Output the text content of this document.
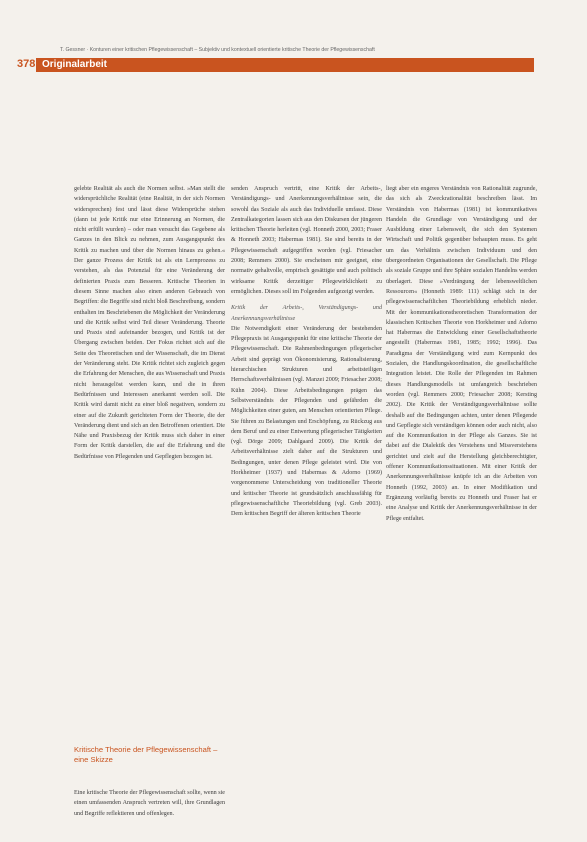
T. Gessner · Konturen einer kritischen Pflegewissenschaft – Subjektiv und kontextuell orientierte kritische Theorie der Pflegewissenschaft
378 Originalarbeit

gelebte Realität als auch die Normen selbst. »Man stellt die widersprüchliche Realität (eine Realität, in der sich Normen widersprechen) fest und lässt diese Widersprüche stehen (dann ist jede Kritik nur eine Erinnerung an Normen, die nicht erfüllt wurden) – oder man versucht das Gegebene als Ganzes in den Blick zu nehmen, zum Ausgangspunkt des Kritik zu machen und über die Normen hinaus zu gehen.« Der ganze Prozess der Kritik ist als ein Lernprozess zu verstehen, als das Potenzial für eine Veränderung der definierten Praxis zum Besseren. Kritische Theorien in diesem Sinne machen also einen anderen Gebrauch von Begriffen: die Begriffe sind nicht bloß Beschreibung, sondern enthalten im Beschriebenen die Möglichkeit der Veränderung und die Kritik selbst wird Teil dieser Veränderung. Theorie und Praxis sind aufeinander bezogen, und Kritik ist der Übergang zwischen beiden. Der Fokus richtet sich auf die Seite des Theoretischen und der Wissenschaft, die im Dienst der Veränderung steht. Die Kritik richtet sich zugleich gegen die Erfahrung der Menschen, die aus Wissenschaft und Praxis nicht herausgelöst werden kann, und die in ihren Bedürfnissen und Interessen anerkannt werden soll. Die Kritik wird damit nicht zu einer bloß negativen, sondern zu einer auf die Zukunft gerichteten Form der Theorie, die der Veränderung dient und sich an den Betroffenen orientiert. Die Nähe und Praxisbezug der Kritik muss sich daher in einer Form der Kritik darstellen, die auf die Erfahrung und die Bedürfnisse von Pflegenden und Gepflegten bezogen ist.

Kritische Theorie der Pflegewissenschaft – eine Skizze

Eine kritische Theorie der Pflegewissenschaft sollte, wenn sie einen umfassenden Anspruch vertreten will, ihre Grundlagen und Begriffe reflektieren und offenlegen.

senden Anspruch vertritt, eine Kritik der Arbeits-, Verständigungs- und Anerkennungsverhältnisse sein, die sowohl das Soziale als auch das Individuelle umfasst. Diese Zentralkategorien lassen sich aus den Diskursen der jüngeren kritischen Theorie herleiten (vgl. Honneth 2000, 2003; Fraser & Honneth 2003; Habermas 1981). Sie sind bereits in der Pflegewissenschaft aufgegriffen worden (vgl. Friesacher 2008; Remmers 2000). Sie erscheinen mir geeignet, eine normativ gehaltvolle, empirisch gesättigte und auch politisch wirksame Kritik derzeitiger Pflegewirklichkeit zu ermöglichen. Dieses soll im Folgenden aufgezeigt werden.

Kritik der Arbeits-, Verständigungs- und Anerkennungsverhältnisse

Die Notwendigkeit einer Veränderung der bestehenden Pflegepraxis ist Ausgangspunkt für eine kritische Theorie der Pflegewissenschaft. Die Rahmenbedingungen pflegerischer Arbeit sind geprägt von Ökonomisierung, Rationalisierung, hierarchischen Strukturen und arbeitsteiligen Herrschaftsverhältnissen (vgl. Manzei 2009; Friesacher 2008; Kühn 2004). Diese Arbeitsbedingungen prägen das Selbstverständnis der Pflegenden und gefährden die Möglichkeiten einer guten, am Menschen orientierten Pflege. Sie führen zu Belastungen und Erschöpfung, zu Rückzug aus dem Beruf und zu einer Entwertung pflegerischer Tätigkeiten (vgl. Dörge 2009; Dahlgaard 2009). Die Kritik der Arbeitsverhältnisse zielt daher auf die Strukturen und Bedingungen, unter denen Pflege geleistet wird. Die von Horkheimer (1937) und Habermas & Adorno (1969) vorgenommene Unterscheidung von traditioneller Theorie und kritischer Theorie ist grundsätzlich anschlussfähig für pflegewissenschaftliche Theoriebildung (vgl. Greb 2003). Dem kritischen Begriff der älteren kritischen Theorie

liegt aber ein engeres Verständnis von Rationalität zugrunde, das sich als Zweckrationalität beschreiben lässt. Im Verständnis von Habermas (1981) ist kommunikatives Handeln die Grundlage von Verständigung und der Ausbildung einer Lebenswelt, die sich den Systemen Wirtschaft und Politik gegenüber behaupten muss. Es geht um das Verhältnis zwischen Individuum und den übergeordneten Organisationen der Gesellschaft. Die Pflege als soziale Gruppe und ihre Sphäre sozialen Handelns werden überlagert. Diese »Verdrängung der lebensweltlichen Ressourcen« (Honneth 1989: 111) schlägt sich in der pflegewissenschaftlichen Theoriebildung erheblich nieder. Mit der kommunikationstheoretischen Transformation der klassischen Kritischen Theorie von Horkheimer und Adorno hat Habermas die Entwicklung einer Gesellschaftstheorie angestellt (Habermas 1981, 1985; 1992; 1996). Das Paradigma der Verständigung wird zum Kernpunkt des Sozialen, die Handlungskoordination, die gesellschaftliche Integration leistet. Die Rolle der Pflegenden im Rahmen dieses Handlungsmodells ist umfangreich beschrieben worden (vgl. Remmers 2000; Friesacher 2008; Kersting 2002). Die Kritik der Verständigungsverhältnisse sollte deshalb auf die Bedingungen achten, unter denen Pflegende und Gepflegte sich verständigen können oder auch nicht, also auf die Kommunikation in der Pflege als Ganzes. Sie ist dabei auf die Dialektik des Verstehens und Missverstehens gerichtet und zielt auf die Herstellung gleichberechtigter, offener Kommunikationssituationen. Mit einer Kritik der Anerkennungsverhältnisse knüpfe ich an die Arbeiten von Honneth (1992, 2003) an. In einer Modifikation und Ergänzung vorläufig bereits zu Honneth und Fraser hat er eine Analyse und Kritik der Anerkennungsverhältnisse in der Pflege entfaltet.
